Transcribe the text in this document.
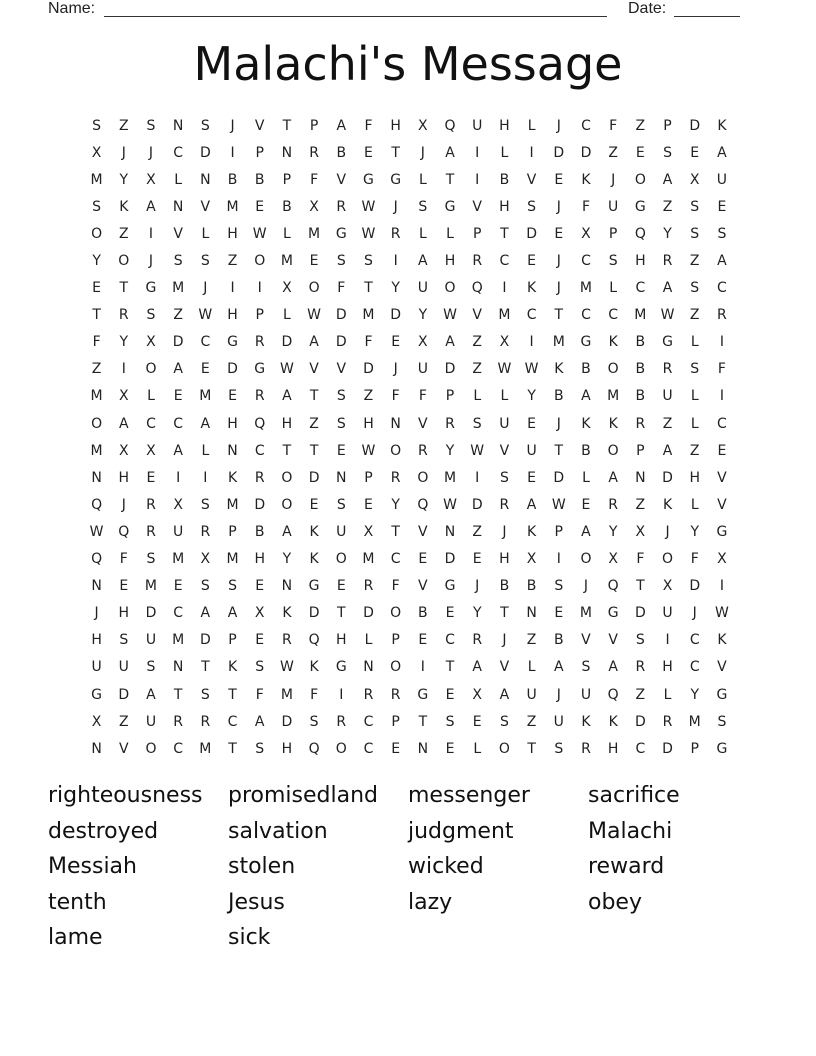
Name:	Date:
Malachi's Message
S	Z	S	N	S	J	V	T	P	A	F	H	X	Q	U	H	L	J	C	F	Z	P	D	K
X	J	J	C	D	I	P	N	R	B	E	T	J	A	I	L	I	D	D	Z	E	S	E	A
M	Y	X	L	N	B	B	P	F	V	G	G	L	T	I	B	V	E	K	J	O	A	X	U
S	K	A	N	V	M	E	B	X	R	W	J	S	G	V	H	S	J	F	U	G	Z	S	E
O	Z	I	V	L	H	W	L	M	G	W	R	L	L	P	T	D	E	X	P	Q	Y	S	S
Y	O	J	S	S	Z	O	M	E	S	S	I	A	H	R	C	E	J	C	S	H	R	Z	A
E	T	G	M	J	I	I	X	O	F	T	Y	U	O	Q	I	K	J	M	L	C	A	S	C
T	R	S	Z	W	H	P	L	W	D	M	D	Y	W	V	M	C	T	C	C	M	W	Z	R
F	Y	X	D	C	G	R	D	A	D	F	E	X	A	Z	X	I	M	G	K	B	G	L	I
Z	I	O	A	E	D	G	W	V	V	D	J	U	D	Z	W W	K	B	O	B	R	S	F
M	X	L	E	M	E	R	A	T	S	Z	F	F	P	L	L	Y	B	A	M	B	U	L	I
O	A	C	C	A	H	Q	H	Z	S	H	N	V	R	S	U	E	J	K	K	R	Z	L	C
M	X	X	A	L	N	C	T	T	E	W	O	R	Y	W	V	U	T	B	O	P	A	Z	E
N	H	E	I	I	K	R	O	D	N	P	R	O	M	I	S	E	D	L	A	N	D	H	V
Q	J	R	X	S	M	D	O	E	S	E	Y	Q	W	D	R	A	W	E	R	Z	K	L	V
W	Q	R	U	R	P	B	A	K	U	X	T	V	N	Z	J	K	P	A	Y	X	J	Y	G
Q	F	S	M	X	M	H	Y	K	O	M	C	E	D	E	H	X	I	O	X	F	O	F	X
N	E	M	E	S	S	E	N	G	E	R	F	V	G	J	B	B	S	J	Q	T	X	D	I
J	H	D	C	A	A	X	K	D	T	D	O	B	E	Y	T	N	E	M	G	D	U	J	W
H	S	U	M	D	P	E	R	Q	H	L	P	E	C	R	J	Z	B	V	V	S	I	C	K
U	U	S	N	T	K	S	W	K	G	N	O	I	T	A	V	L	A	S	A	R	H	C	V
G	D	A	T	S	T	F	M	F	I	R	R	G	E	X	A	U	J	U	Q	Z	L	Y	G
X	Z	U	R	R	C	A	D	S	R	C	P	T	S	E	S	Z	U	K	K	D	R	M	S
N	V	O	C	M	T	S	H	Q	O	C	E	N	E	L	O	T	S	R	H	C	D	P	G
righteousness	promisedland	messenger	sacrifice
destroyed	salvation	judgment	Malachi
Messiah	stolen	wicked	reward
tenth	Jesus	lazy	obey
lame	sick
